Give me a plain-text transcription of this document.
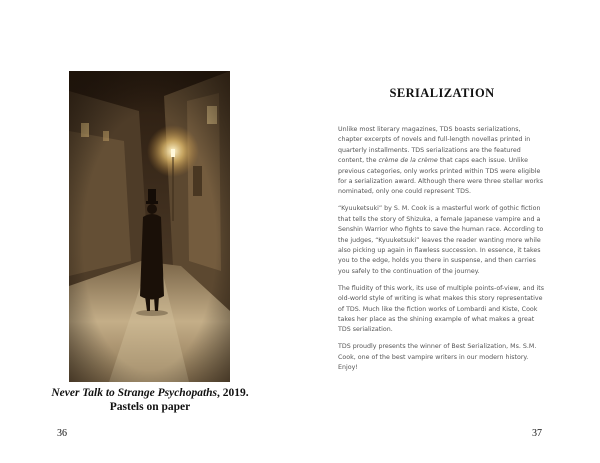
Never Talk to Strange Psychopaths, 2019.
Pastels on paper
36
SERIALIZATION

Unlike most literary magazines, TDS boasts serializations, chapter excerpts of novels and full-length novellas printed in quarterly installments. TDS serializations are the featured content, the crème de la crème that caps each issue. Unlike previous categories, only works printed within TDS were eligible for a serialization award. Although there were three stellar works nominated, only one could represent TDS.

“Kyuuketsuki” by S. M. Cook is a masterful work of gothic fiction that tells the story of Shizuka, a female Japanese vampire and a Senshin Warrior who fights to save the human race. According to the judges, “Kyuuketsuki” leaves the reader wanting more while also picking up again in flawless succession. In essence, it takes you to the edge, holds you there in suspense, and then carries you safely to the continuation of the journey.

The fluidity of this work, its use of multiple points-of-view, and its old-world style of writing is what makes this story representative of TDS. Much like the fiction works of Lombardi and Kiste, Cook takes her place as the shining example of what makes a great TDS serialization.

TDS proudly presents the winner of Best Serialization, Ms. S.M. Cook, one of the best vampire writers in our modern history. Enjoy!

37
